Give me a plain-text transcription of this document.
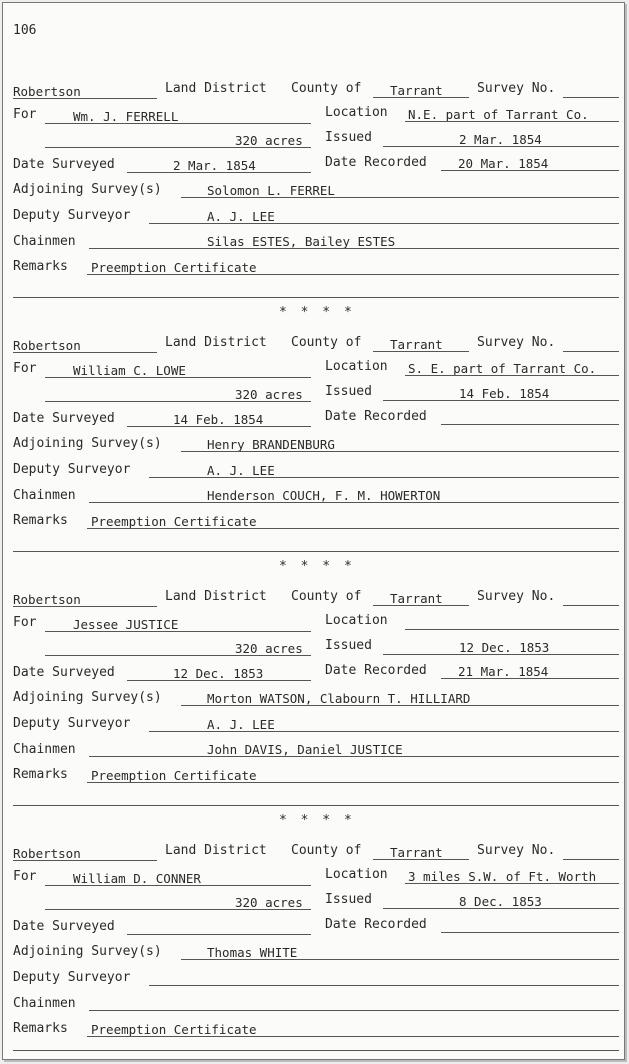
106
Robertson	Land District County of Tarrant	Survey No.
For	Wm. J. FERRELL	Location N.E. part of Tarrant Co.
320 acres Issued	2 Mar. 1854
Date Surveyed	2 Mar. 1854	Date Recorded	20 Mar. 1854
Adjoining Survey(s)	Solomon L. FERREL
Deputy Surveyor	A. J. LEE
Chainmen	Silas ESTES, Bailey ESTES
Remarks Preemption Certificate
* * * *
Robertson	Land District County of Tarrant	Survey No.
For	William C. LOWE	Location S. E. part of Tarrant Co.
320 acres Issued	14 Feb. 1854
Date Surveyed	14 Feb. 1854	Date Recorded
Adjoining Survey(s)	Henry BRANDENBURG
Deputy Surveyor	A. J. LEE
Chainmen	Henderson COUCH, F. M. HOWERTON
Remarks Preemption Certificate
* * * *
Robertson	Land District County of Tarrant	Survey No.
For	Jessee JUSTICE	Location
320 acres Issued	12 Dec. 1853
Date Surveyed	12 Dec. 1853	Date Recorded	21 Mar. 1854
Adjoining Survey(s)	Morton WATSON, Clabourn T. HILLIARD
Deputy Surveyor	A. J. LEE
Chainmen	John DAVIS, Daniel JUSTICE
Remarks Preemption Certificate
* * * *
Robertson	Land District County of Tarrant	Survey No.
For	William D. CONNER	Location 3 miles S.W. of Ft. Worth
320 acres Issued	8 Dec. 1853
Date Surveyed	Date Recorded
Adjoining Survey(s)	Thomas WHITE
Deputy Surveyor
Chainmen
Remarks Preemption Certificate
